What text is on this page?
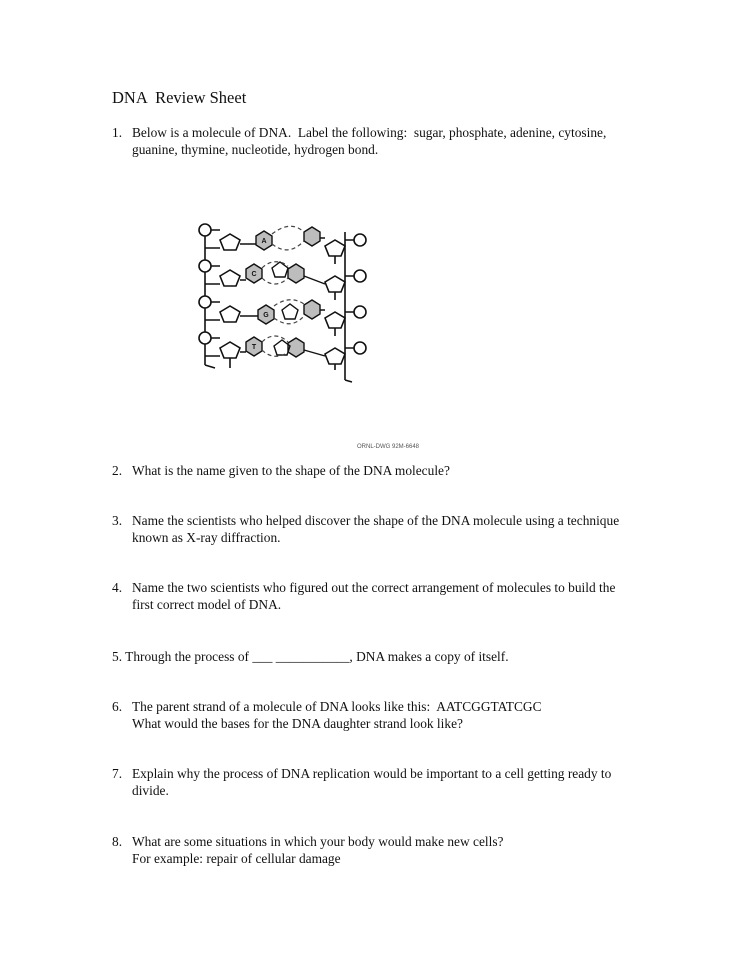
DNA  Review Sheet
1. Below is a molecule of DNA.  Label the following:  sugar, phosphate, adenine, cytosine, guanine, thymine, nucleotide, hydrogen bond.
A
C
G
T
ORNL-DWG 92M-6648
2. What is the name given to the shape of the DNA molecule?
3. Name the scientists who helped discover the shape of the DNA molecule using a technique known as X-ray diffraction.
4. Name the two scientists who figured out the correct arrangement of molecules to build the first correct model of DNA.
5. Through the process of ___ ___________, DNA makes a copy of itself.
6. The parent strand of a molecule of DNA looks like this:  AATCGGTATCGC
What would the bases for the DNA daughter strand look like?
7. Explain why the process of DNA replication would be important to a cell getting ready to divide.
8. What are some situations in which your body would make new cells?
For example: repair of cellular damage
